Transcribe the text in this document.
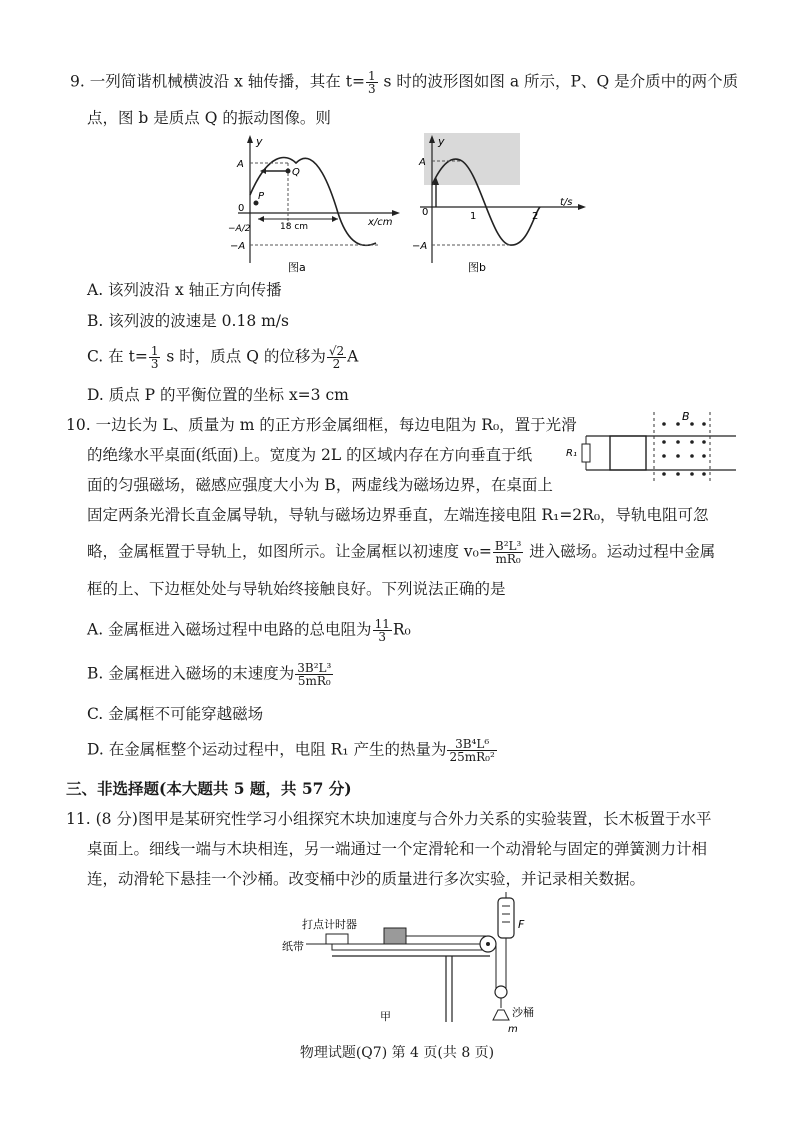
9. 一列简谐机械横波沿 x 轴传播，其在 $t= \frac{1}{3}$ s 时的波形图如图 a 所示，P、Q 是介质中的两个质
点，图 b 是质点 Q 的振动图像。则
y
A
Q
P
0
−A/2
−A
18 cm	x/cm
图a
y
A
0
−A
1	2
t/s
图b
A. 该列波沿 x 轴正方向传播
B. 该列波的波速是 0.18 m/s
C. 在 $t= \frac{1}{3}$ s 时，质点 Q 的位移为 $\frac{√2}{2}$ A
D. 质点 P 的平衡位置的坐标 x=3 cm
10. 一边长为 L、质量为 m 的正方形金属细框，每边电阻为 R₀，置于光滑
的绝缘水平桌面(纸面)上。宽度为 2L 的区域内存在方向垂直于纸
面的匀强磁场，磁感应强度大小为 B，两虚线为磁场边界，在桌面上
固定两条光滑长直金属导轨，导轨与磁场边界垂直，左端连接电阻 R₁=2R₀，导轨电阻可忽
略，金属框置于导轨上，如图所示。让金属框以初速度 $v_0= \frac{\text{B²L³}}{\text{mR₀}}$ 进入磁场。运动过程中金属
框的上、下边框处处与导轨始终接触良好。下列说法正确的是
B
R₁
A. 金属框进入磁场过程中电路的总电阻为 $\frac{11}{3} R_0$
B. 金属框进入磁场的末速度为 $\frac{\text{3B²L³}}{\text{5mR₀}}$
C. 金属框不可能穿越磁场
D. 在金属框整个运动过程中，电阻 R₁ 产生的热量为 $\frac{\text{3B⁴L⁶}}{\text{25mR₀²}}$
三、非选择题(本大题共 5 题，共 57 分)
11. (8 分)图甲是某研究性学习小组探究木块加速度与合外力关系的实验装置，长木板置于水平
桌面上。细线一端与木块相连，另一端通过一个定滑轮和一个动滑轮与固定的弹簧测力计相
连，动滑轮下悬挂一个沙桶。改变桶中沙的质量进行多次实验，并记录相关数据。
打点计时器
纸带
F
沙桶
m
甲
物理试题(Q7) 第 4 页(共 8 页)
